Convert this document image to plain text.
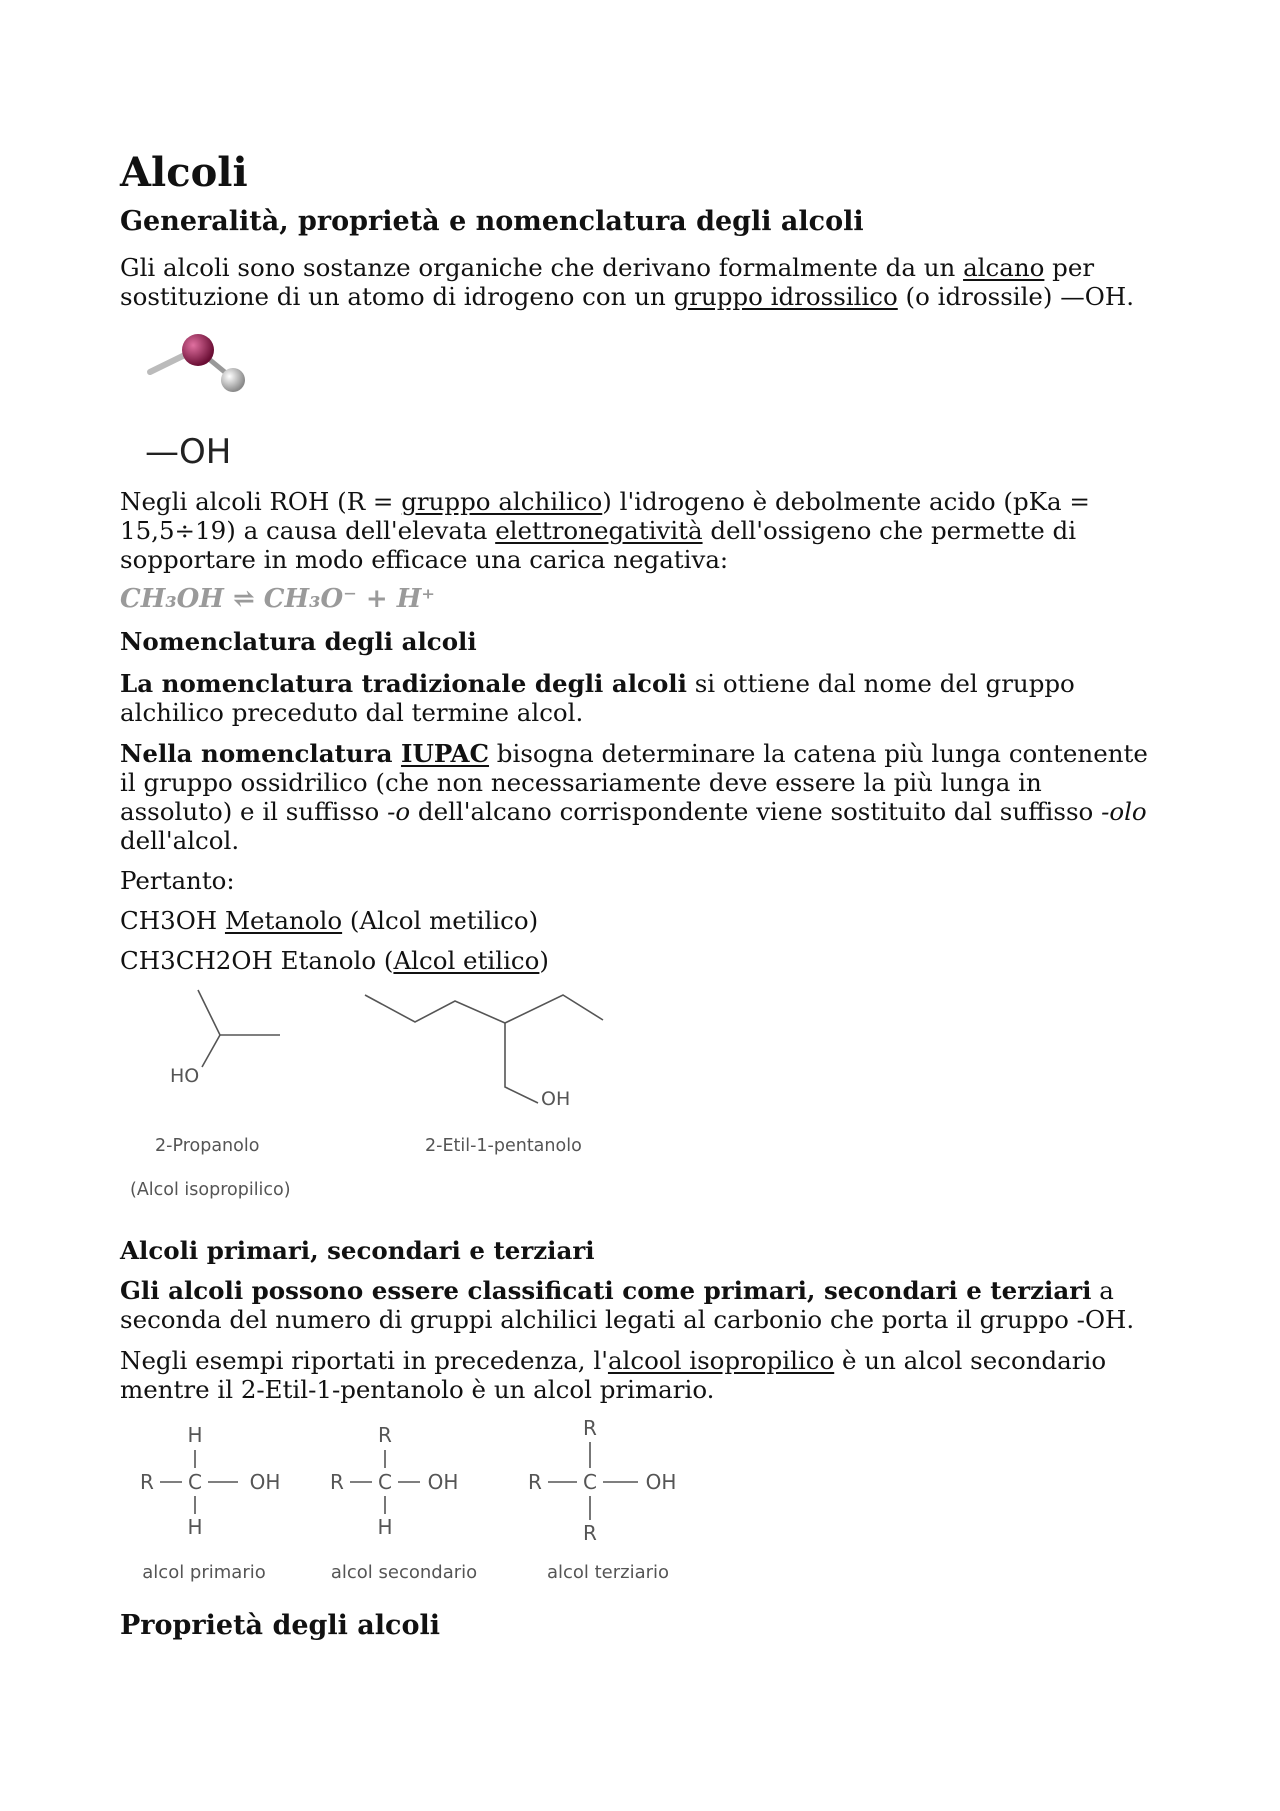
Alcoli
Generalità, proprietà e nomenclatura degli alcoli

Gli alcoli sono sostanze organiche che derivano formalmente da un alcano per sostituzione di un atomo di idrogeno con un gruppo idrossilico (o idrossile) —OH.

—OH

Negli alcoli ROH (R = gruppo alchilico) l'idrogeno è debolmente acido (pKa = 15,5÷19) a causa dell'elevata elettronegatività dell'ossigeno che permette di sopportare in modo efficace una carica negativa:

CH₃OH ⇌ CH₃O⁻ + H⁺
Nomenclatura degli alcoli

La nomenclatura tradizionale degli alcoli si ottiene dal nome del gruppo alchilico preceduto dal termine alcol.

Nella nomenclatura IUPAC bisogna determinare la catena più lunga contenente il gruppo ossidrilico (che non necessariamente deve essere la più lunga in assoluto) e il suffisso -o dell'alcano corrispondente viene sostituito dal suffisso -olo dell'alcol.

Pertanto:

CH3OH Metanolo (Alcol metilico)

CH3CH2OH Etanolo (Alcol etilico)

HO
OH
2-Propanolo
(Alcol isopropilico)
2-Etil-1-pentanolo
Alcoli primari, secondari e terziari

Gli alcoli possono essere classificati come primari, secondari e terziari a seconda del numero di gruppi alchilici legati al carbonio che porta il gruppo -OH.

Negli esempi riportati in precedenza, l'alcool isopropilico è un alcol secondario mentre il 2-Etil-1-pentanolo è un alcol primario.

H
R C OH
H
alcol primario
R
R C OH
H
alcol secondario
R
R C OH
R
alcol terziario
Proprietà degli alcoli
